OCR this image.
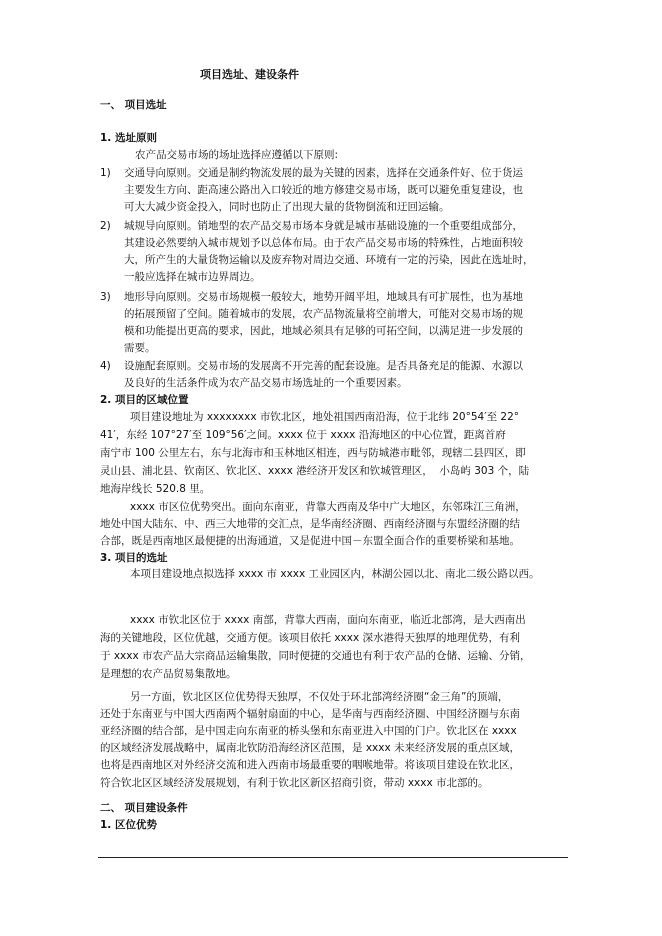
项目选址、建设条件
一、 项目选址
1. 选址原则
农产品交易市场的场址选择应遵循以下原则:
1) 交通导向原则。交通是制约物流发展的最为关键的因素，选择在交通条件好、位于货运
主要发生方向、距高速公路出入口较近的地方修建交易市场，既可以避免重复建设，也
可大大减少资金投入，同时也防止了出现大量的货物倒流和迂回运输。
2) 城规导向原则。销地型的农产品交易市场本身就是城市基础设施的一个重要组成部分，
其建设必然要纳入城市规划予以总体布局。由于农产品交易市场的特殊性，占地面积较
大，所产生的大量货物运输以及废弃物对周边交通、环境有一定的污染，因此在选址时，
一般应选择在城市边界周边。
3) 地形导向原则。交易市场规模一般较大，地势开阔平坦，地域具有可扩展性，也为基地
的拓展预留了空间。随着城市的发展，农产品物流量将空前增大，可能对交易市场的规
模和功能提出更高的要求，因此，地域必须具有足够的可拓空间，以满足进一步发展的
需要。
4) 设施配套原则。交易市场的发展离不开完善的配套设施。是否具备充足的能源、水源以
及良好的生活条件成为农产品交易市场选址的一个重要因素。
2. 项目的区域位置
项目建设地址为 xxxxxxxx 市钦北区，地处祖国西南沿海，位于北纬 20°54′至 22°
41′，东经 107°27′至 109°56′之间。xxxx 位于 xxxx 沿海地区的中心位置，距离首府
南宁市 100 公里左右，东与北海市和玉林地区相连，西与防城港市毗邻，现辖二县四区，即
灵山县、浦北县、钦南区、钦北区、xxxx 港经济开发区和钦城管理区，  小岛屿 303 个，陆
地海岸线长 520.8 里。
xxxx 市区位优势突出。面向东南亚，背靠大西南及华中广大地区，东邻珠江三角洲，
地处中国大陆东、中、西三大地带的交汇点，是华南经济圈、西南经济圈与东盟经济圈的结
合部，既是西南地区最便捷的出海通道，又是促进中国－东盟全面合作的重要桥梁和基地。
3. 项目的选址
本项目建设地点拟选择 xxxx 市 xxxx 工业园区内，林湖公园以北、南北二级公路以西。
xxxx 市钦北区位于 xxxx 南部，背靠大西南，面向东南亚，临近北部湾，是大西南出
海的关键地段，区位优越，交通方便。该项目依托 xxxx 深水港得天独厚的地理优势，有利
于 xxxx 市农产品大宗商品运输集散，同时便捷的交通也有利于农产品的仓储、运输、分销，
是理想的农产品贸易集散地。
另一方面，钦北区区位优势得天独厚，不仅处于环北部湾经济圈“金三角”的顶端，
还处于东南亚与中国大西南两个辐射扇面的中心，是华南与西南经济圈、中国经济圈与东南
亚经济圈的结合部，是中国走向东南亚的桥头堡和东南亚进入中国的门户。钦北区在 xxxx
的区域经济发展战略中，属南北钦防沿海经济区范围，是 xxxx 未来经济发展的重点区域，
也将是西南地区对外经济交流和进入西南市场最重要的咽喉地带。将该项目建设在钦北区，
符合钦北区区域经济发展规划，有利于钦北区新区招商引资，带动 xxxx 市北部的。
二、 项目建设条件
1. 区位优势
